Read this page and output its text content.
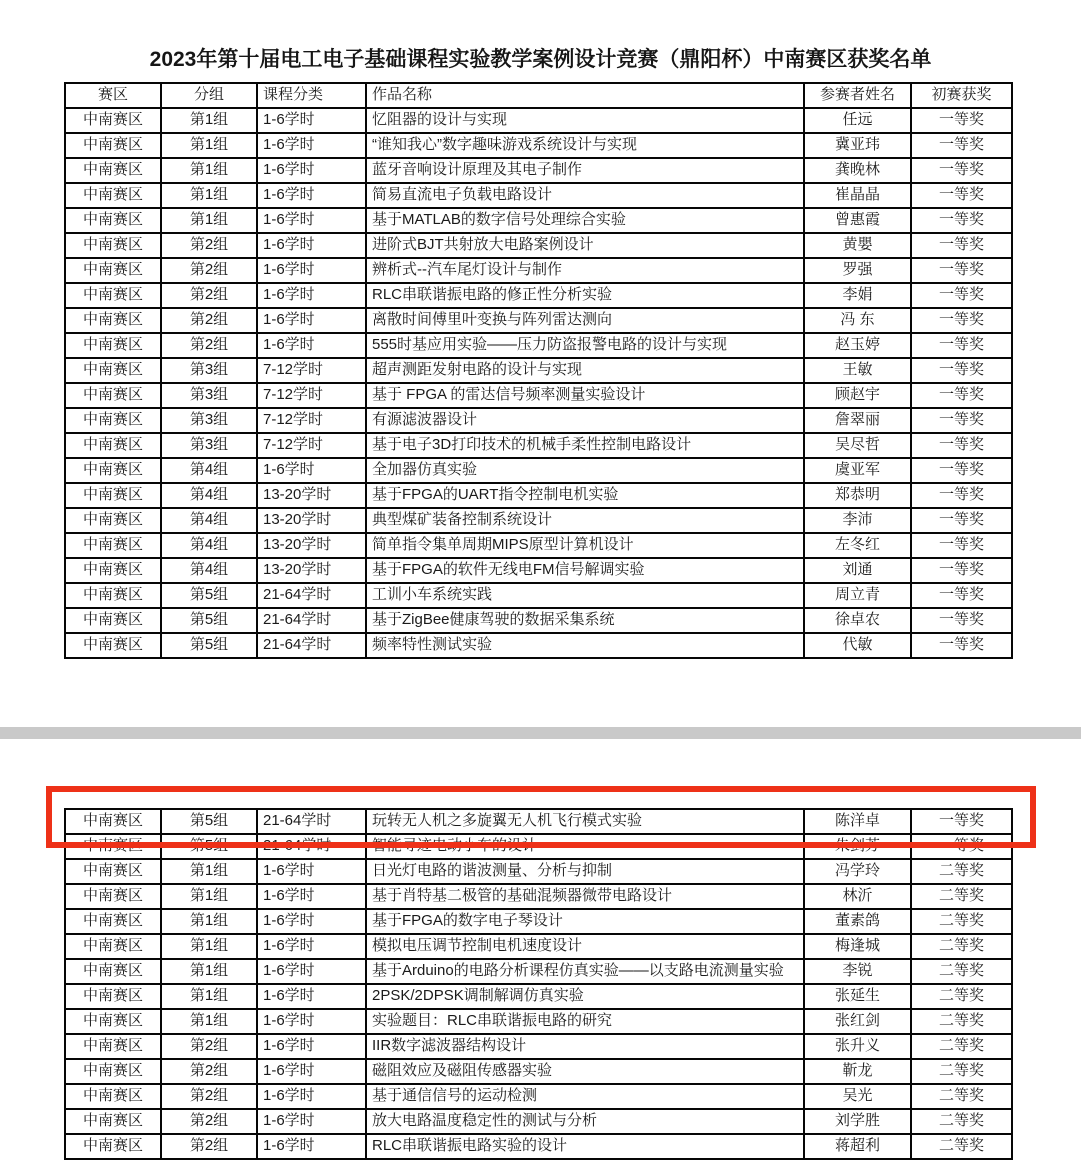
2023年第十届电工电子基础课程实验教学案例设计竞赛（鼎阳杯）中南赛区获奖名单
赛区	分组	课程分类	作品名称	参赛者姓名	初赛获奖
中南赛区	第1组	1-6学时	忆阻器的设计与实现	任远	一等奖
中南赛区	第1组	1-6学时	“谁知我心”数字趣味游戏系统设计与实现	冀亚玮	一等奖
中南赛区	第1组	1-6学时	蓝牙音响设计原理及其电子制作	龚晚林	一等奖
中南赛区	第1组	1-6学时	简易直流电子负载电路设计	崔晶晶	一等奖
中南赛区	第1组	1-6学时	基于MATLAB的数字信号处理综合实验	曾惠霞	一等奖
中南赛区	第2组	1-6学时	进阶式BJT共射放大电路案例设计	黄嬰	一等奖
中南赛区	第2组	1-6学时	辨析式--汽车尾灯设计与制作	罗强	一等奖
中南赛区	第2组	1-6学时	RLC串联谐振电路的修正性分析实验	李娟	一等奖
中南赛区	第2组	1-6学时	离散时间傅里叶变换与阵列雷达测向	冯 东	一等奖
中南赛区	第2组	1-6学时	555时基应用实验——压力防盗报警电路的设计与实现	赵玉婷	一等奖
中南赛区	第3组	7-12学时	超声测距发射电路的设计与实现	王敏	一等奖
中南赛区	第3组	7-12学时	基于 FPGA 的雷达信号频率测量实验设计	顾赵宇	一等奖
中南赛区	第3组	7-12学时	有源滤波器设计	詹翠丽	一等奖
中南赛区	第3组	7-12学时	基于电子3D打印技术的机械手柔性控制电路设计	吴尽哲	一等奖
中南赛区	第4组	1-6学时	全加器仿真实验	虞亚军	一等奖
中南赛区	第4组	13-20学时	基于FPGA的UART指令控制电机实验	郑恭明	一等奖
中南赛区	第4组	13-20学时	典型煤矿装备控制系统设计	李沛	一等奖
中南赛区	第4组	13-20学时	简单指令集单周期MIPS原型计算机设计	左冬红	一等奖
中南赛区	第4组	13-20学时	基于FPGA的软件无线电FM信号解调实验	刘通	一等奖
中南赛区	第5组	21-64学时	工训小车系统实践	周立青	一等奖
中南赛区	第5组	21-64学时	基于ZigBee健康驾驶的数据采集系统	徐卓农	一等奖
中南赛区	第5组	21-64学时	频率特性测试实验	代敏	一等奖
中南赛区	第5组	21-64学时	玩转无人机之多旋翼无人机飞行模式实验	陈洋卓	一等奖
中南赛区	第5组	21-64学时	智能寻迹电动小车的设计	朱剑芳	一等奖
中南赛区	第1组	1-6学时	日光灯电路的谐波测量、分析与抑制	冯学玲	二等奖
中南赛区	第1组	1-6学时	基于肖特基二极管的基础混频器微带电路设计	林沂	二等奖
中南赛区	第1组	1-6学时	基于FPGA的数字电子琴设计	董素鸽	二等奖
中南赛区	第1组	1-6学时	模拟电压调节控制电机速度设计	梅逢城	二等奖
中南赛区	第1组	1-6学时	基于Arduino的电路分析课程仿真实验——以支路电流测量实验	李锐	二等奖
中南赛区	第1组	1-6学时	2PSK/2DPSK调制解调仿真实验	张延生	二等奖
中南赛区	第1组	1-6学时	实验题目：RLC串联谐振电路的研究	张红剑	二等奖
中南赛区	第2组	1-6学时	IIR数字滤波器结构设计	张升义	二等奖
中南赛区	第2组	1-6学时	磁阻效应及磁阻传感器实验	靳龙	二等奖
中南赛区	第2组	1-6学时	基于通信信号的运动检测	吴光	二等奖
中南赛区	第2组	1-6学时	放大电路温度稳定性的测试与分析	刘学胜	二等奖
中南赛区	第2组	1-6学时	RLC串联谐振电路实验的设计	蒋超利	二等奖
